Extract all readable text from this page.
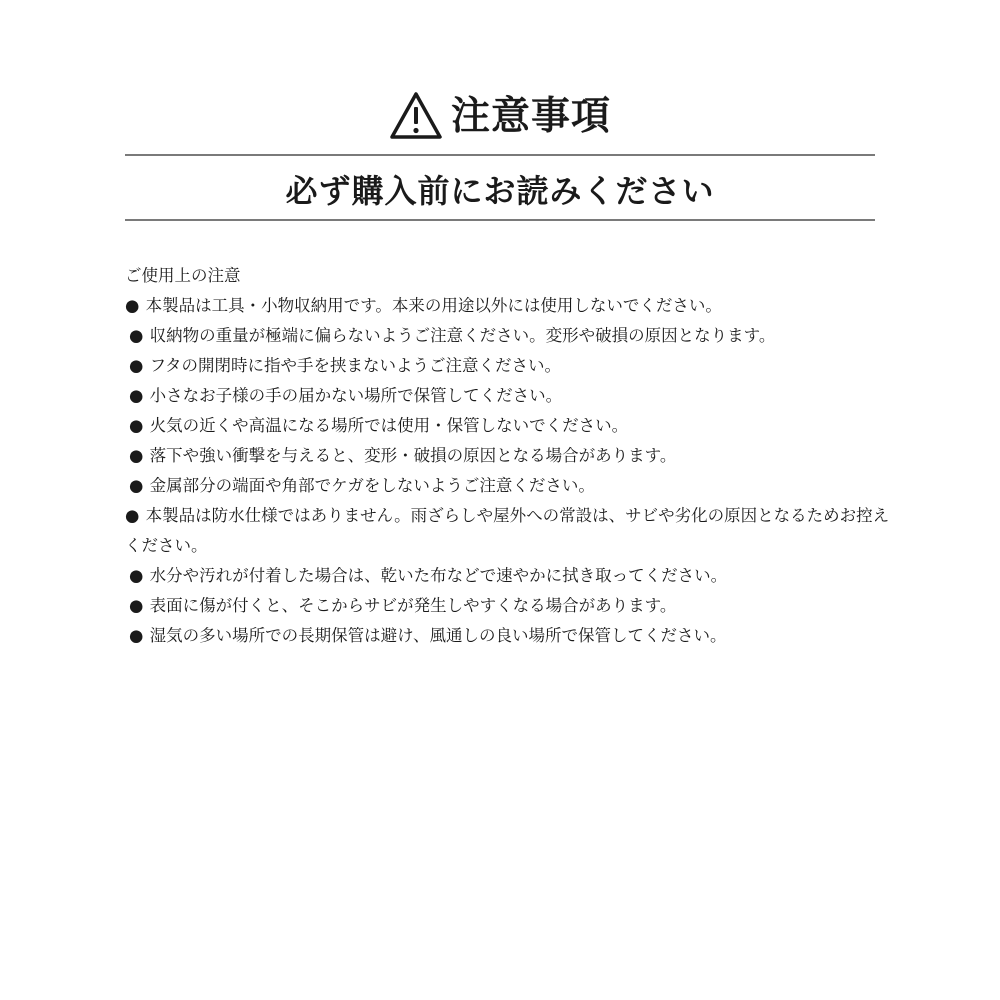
注意事項
必ず購入前にお読みください
ご使用上の注意
● 本製品は工具・小物収納用です。本来の用途以外には使用しないでください。
● 収納物の重量が極端に偏らないようご注意ください。変形や破損の原因となります。
● フタの開閉時に指や手を挟まないようご注意ください。
● 小さなお子様の手の届かない場所で保管してください。
● 火気の近くや高温になる場所では使用・保管しないでください。
● 落下や強い衝撃を与えると、変形・破損の原因となる場合があります。
● 金属部分の端面や角部でケガをしないようご注意ください。
● 本製品は防水仕様ではありません。雨ざらしや屋外への常設は、サビや劣化の原因となるためお控えください。
● 水分や汚れが付着した場合は、乾いた布などで速やかに拭き取ってください。
● 表面に傷が付くと、そこからサビが発生しやすくなる場合があります。
● 湿気の多い場所での長期保管は避け、風通しの良い場所で保管してください。
